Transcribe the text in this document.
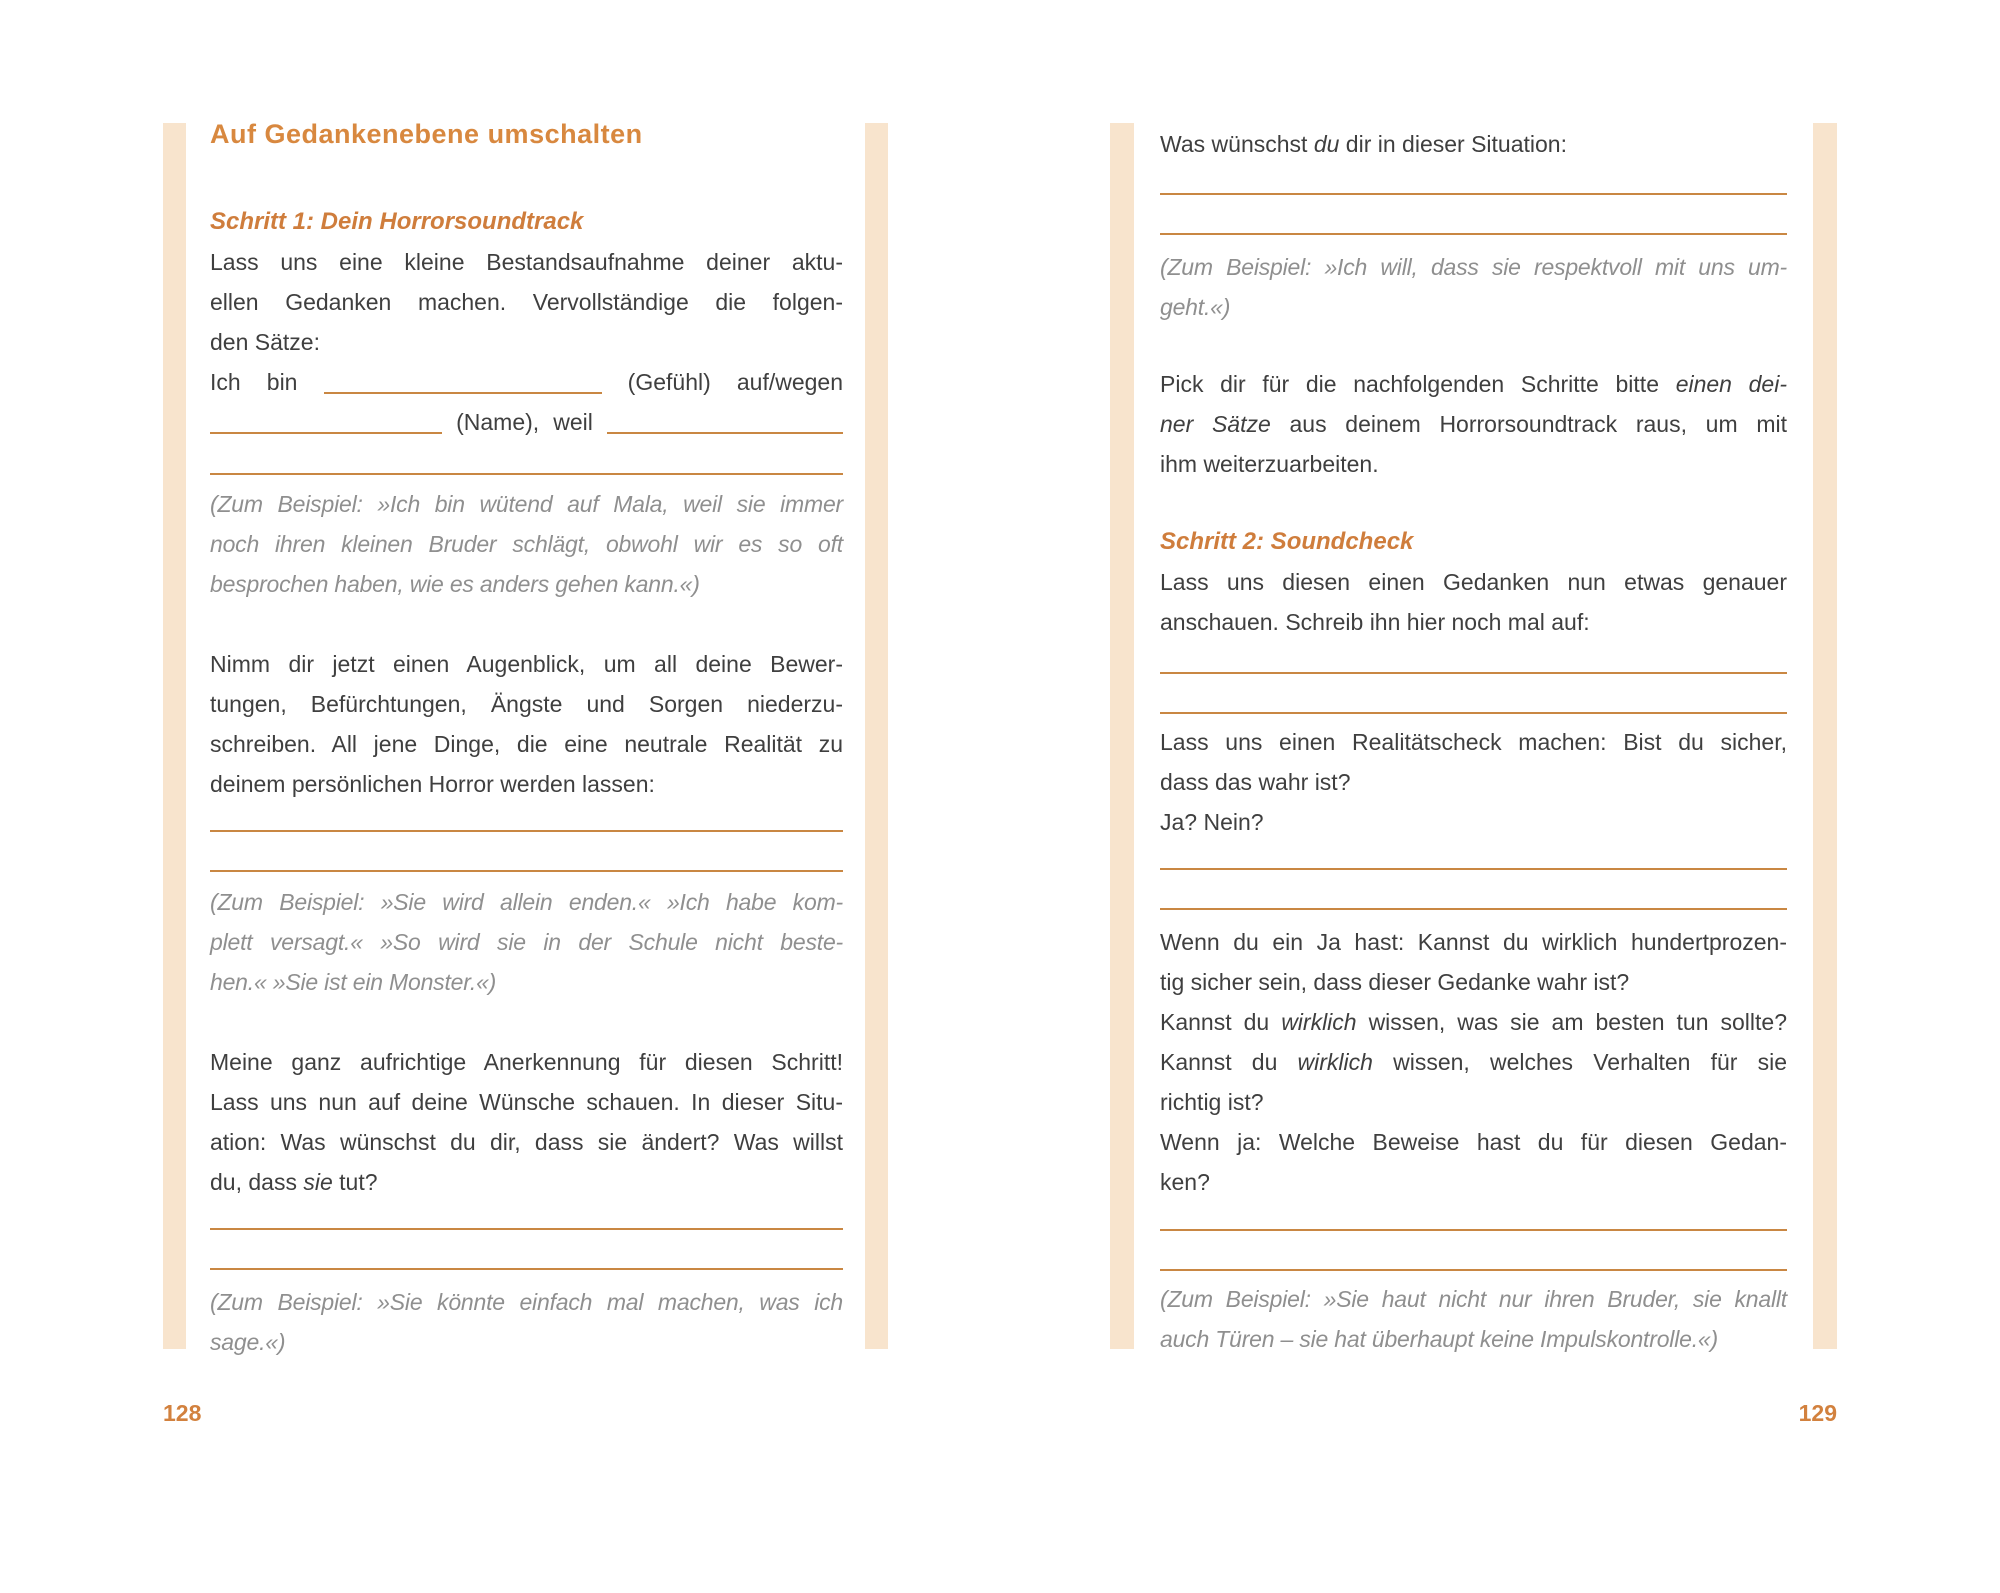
Auf Gedankenebene umschalten
Schritt 1: Dein Horrorsoundtrack
Lass uns eine kleine Bestandsaufnahme deiner aktu-
ellen Gedanken machen. Vervollständige die folgen-
den Sätze:
Ich bin	(Gefühl) auf/wegen
(Name), weil
(Zum Beispiel: »Ich bin wütend auf Mala, weil sie immer
noch ihren kleinen Bruder schlägt, obwohl wir es so oft
besprochen haben, wie es anders gehen kann.«)
Nimm dir jetzt einen Augenblick, um all deine Bewer-
tungen, Befürchtungen, Ängste und Sorgen niederzu-
schreiben. All jene Dinge, die eine neutrale Realität zu
deinem persönlichen Horror werden lassen:
(Zum Beispiel: »Sie wird allein enden.« »Ich habe kom-
plett versagt.« »So wird sie in der Schule nicht beste-
hen.« »Sie ist ein Monster.«)
Meine ganz aufrichtige Anerkennung für diesen Schritt!
Lass uns nun auf deine Wünsche schauen. In dieser Situ-
ation: Was wünschst du dir, dass sie ändert? Was willst
du, dass sie tut?
(Zum Beispiel: »Sie könnte einfach mal machen, was ich
sage.«)
128
Was wünschst du dir in dieser Situation:
(Zum Beispiel: »Ich will, dass sie respektvoll mit uns um-
geht.«)
Pick dir für die nachfolgenden Schritte bitte einen dei-
ner Sätze aus deinem Horrorsoundtrack raus, um mit
ihm weiterzuarbeiten.
Schritt 2: Soundcheck
Lass uns diesen einen Gedanken nun etwas genauer
anschauen. Schreib ihn hier noch mal auf:
Lass uns einen Realitätscheck machen: Bist du sicher,
dass das wahr ist?
Ja? Nein?
Wenn du ein Ja hast: Kannst du wirklich hundertprozen-
tig sicher sein, dass dieser Gedanke wahr ist?
Kannst du wirklich wissen, was sie am besten tun sollte?
Kannst du wirklich wissen, welches Verhalten für sie
richtig ist?
Wenn ja: Welche Beweise hast du für diesen Gedan-
ken?
(Zum Beispiel: »Sie haut nicht nur ihren Bruder, sie knallt
auch Türen – sie hat überhaupt keine Impulskontrolle.«)
129
